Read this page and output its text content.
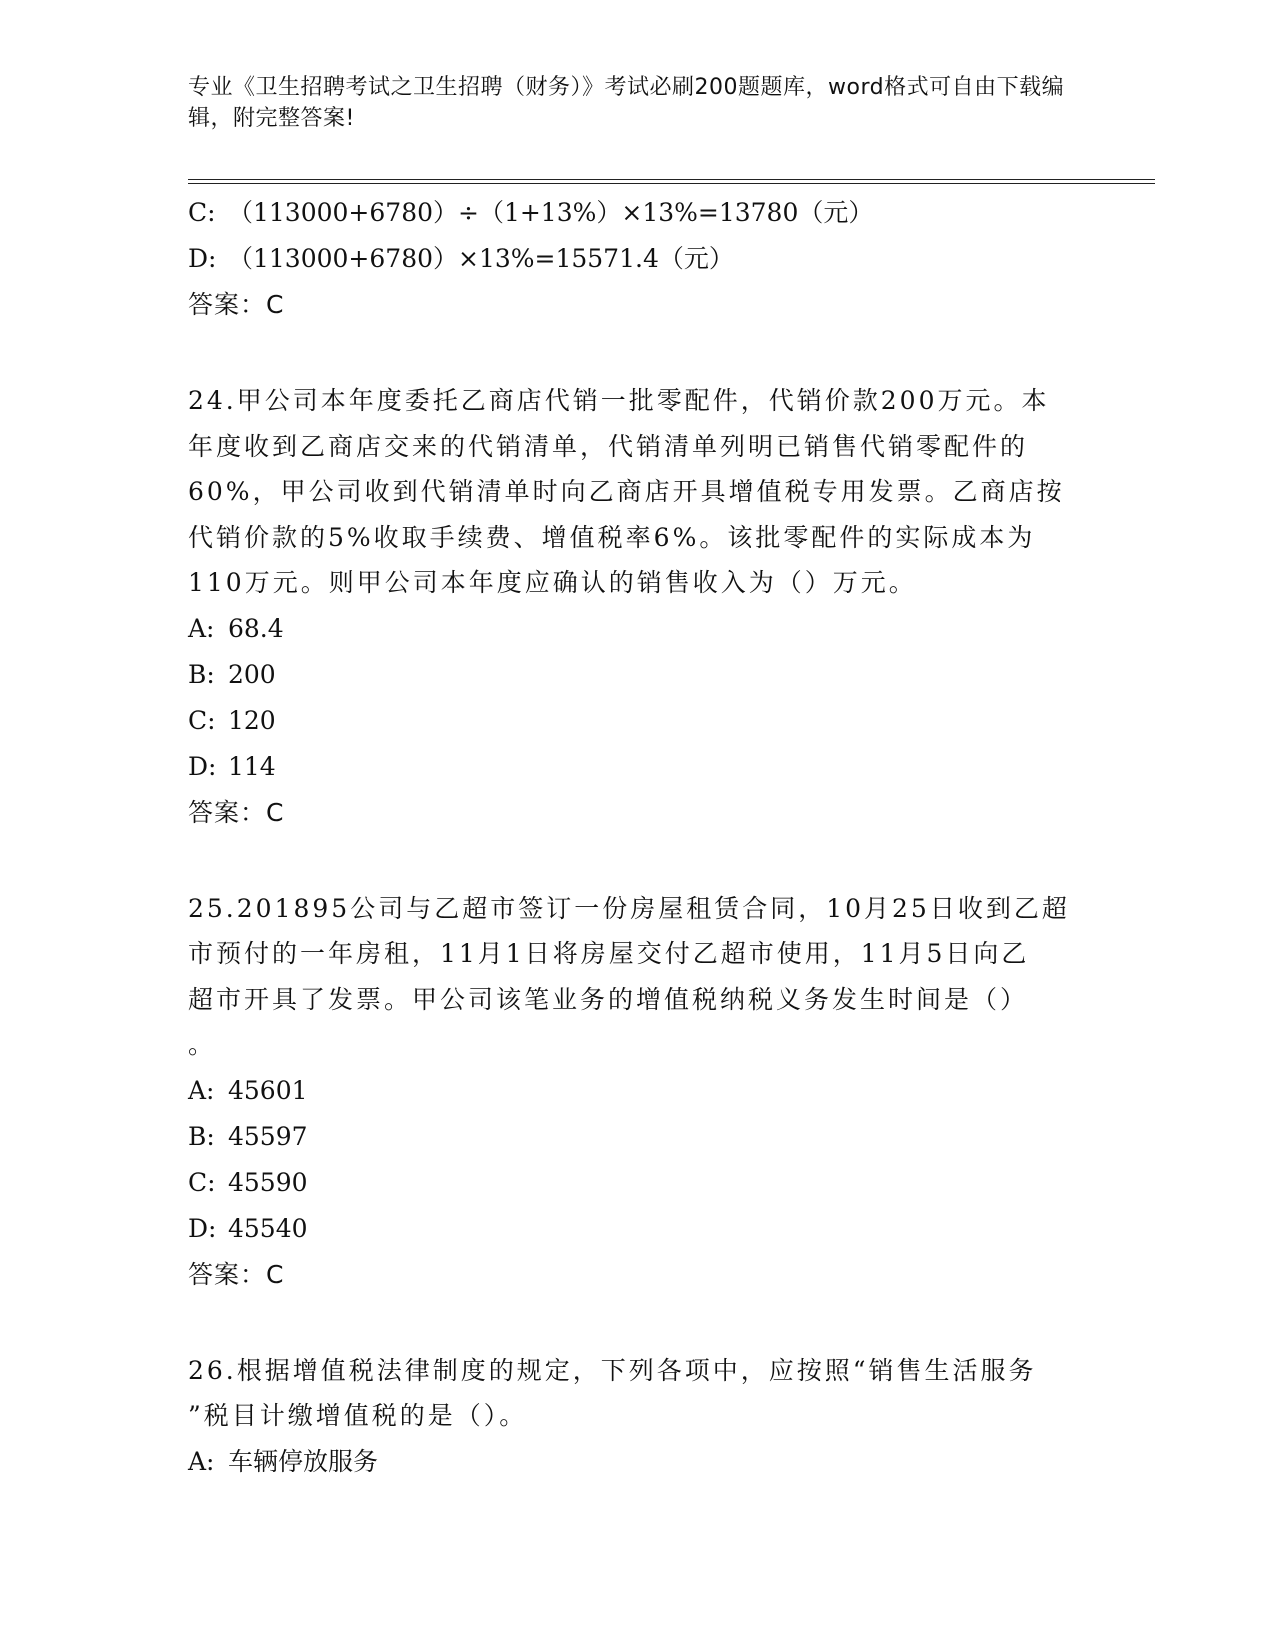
专业《卫生招聘考试之卫生招聘（财务）》考试必刷200题题库，word格式可自由下载编辑，附完整答案!
C: （113000+6780）÷（1+13%）×13%=13780（元）
D: （113000+6780）×13%=15571.4（元）
答案：C
24.甲公司本年度委托乙商店代销一批零配件，代销价款200万元。本
年度收到乙商店交来的代销清单，代销清单列明已销售代销零配件的
60%，甲公司收到代销清单时向乙商店开具增值税专用发票。乙商店按
代销价款的5%收取手续费、增值税率6%。该批零配件的实际成本为
110万元。则甲公司本年度应确认的销售收入为（）万元。
A: 68.4
B: 200
C: 120
D: 114
答案：C
25.201895公司与乙超市签订一份房屋租赁合同，10月25日收到乙超
市预付的一年房租，11月1日将房屋交付乙超市使用，11月5日向乙
超市开具了发票。甲公司该笔业务的增值税纳税义务发生时间是（）
。
A: 45601
B: 45597
C: 45590
D: 45540
答案：C
26.根据增值税法律制度的规定，下列各项中，应按照“销售生活服务
”税目计缴增值税的是（）。
A: 车辆停放服务
